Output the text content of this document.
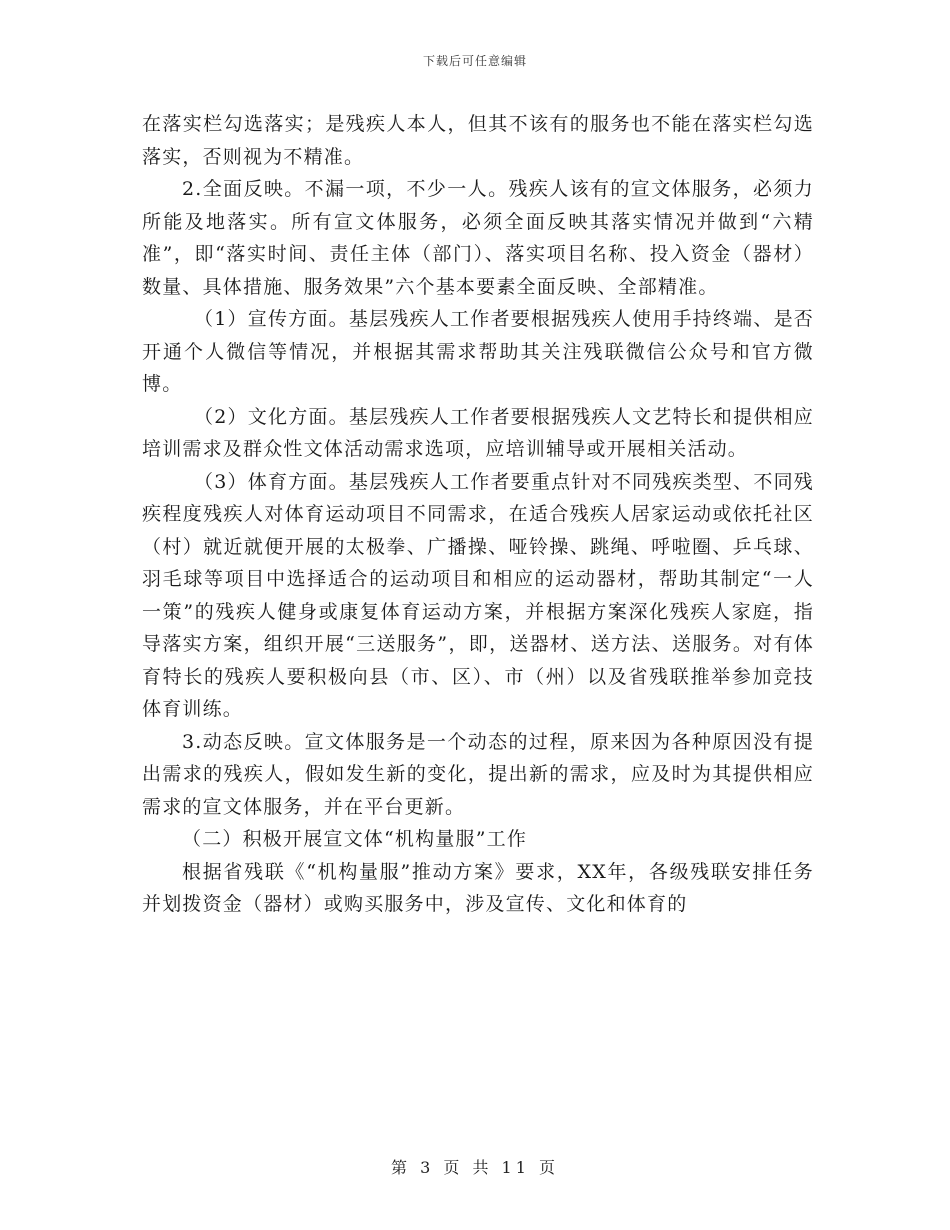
下载后可任意编辑

在落实栏勾选落实；是残疾人本人，但其不该有的服务也不能在落实栏勾选落实，否则视为不精准。

2.全面反映。不漏一项，不少一人。残疾人该有的宣文体服务，必须力所能及地落实。所有宣文体服务，必须全面反映其落实情况并做到“六精准”，即“落实时间、责任主体（部门）、落实项目名称、投入资金（器材）数量、具体措施、服务效果”六个基本要素全面反映、全部精准。

（1）宣传方面。基层残疾人工作者要根据残疾人使用手持终端、是否开通个人微信等情况，并根据其需求帮助其关注残联微信公众号和官方微博。

（2）文化方面。基层残疾人工作者要根据残疾人文艺特长和提供相应培训需求及群众性文体活动需求选项，应培训辅导或开展相关活动。

（3）体育方面。基层残疾人工作者要重点针对不同残疾类型、不同残疾程度残疾人对体育运动项目不同需求，在适合残疾人居家运动或依托社区（村）就近就便开展的太极拳、广播操、哑铃操、跳绳、呼啦圈、乒乓球、羽毛球等项目中选择适合的运动项目和相应的运动器材，帮助其制定“一人一策”的残疾人健身或康复体育运动方案，并根据方案深化残疾人家庭，指导落实方案，组织开展“三送服务”，即，送器材、送方法、送服务。对有体育特长的残疾人要积极向县（市、区）、市（州）以及省残联推举参加竞技体育训练。

3.动态反映。宣文体服务是一个动态的过程，原来因为各种原因没有提出需求的残疾人，假如发生新的变化，提出新的需求，应及时为其提供相应需求的宣文体服务，并在平台更新。

（二）积极开展宣文体“机构量服”工作

根据省残联《“机构量服”推动方案》要求，XX年，各级残联安排任务并划拨资金（器材）或购买服务中，涉及宣传、文化和体育的

第 3 页 共 11 页
